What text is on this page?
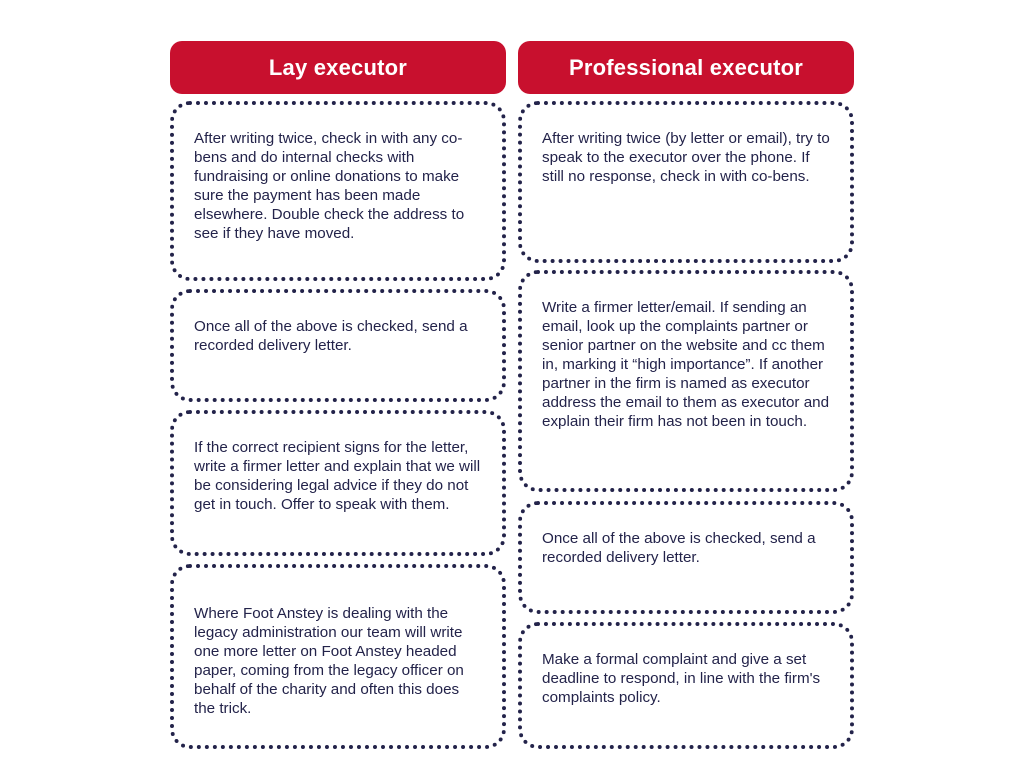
Lay executor

After writing twice, check in with any co-bens and do internal checks with fundraising or online donations to make sure the payment has been made elsewhere. Double check the address to see if they have moved.

Once all of the above is checked, send a recorded delivery letter.

If the correct recipient signs for the letter, write a firmer letter and explain that we will be considering legal advice if they do not get in touch. Offer to speak with them.

Where Foot Anstey is dealing with the legacy administration our team will write one more letter on Foot Anstey headed paper, coming from the legacy officer on behalf of the charity and often this does the trick.

Professional executor

After writing twice (by letter or email), try to speak to the executor over the phone. If still no response, check in with co-bens.

Write a firmer letter/email. If sending an email, look up the complaints partner or senior partner on the website and cc them in, marking it “high importance”. If another partner in the firm is named as executor address the email to them as executor and explain their firm has not been in touch.

Once all of the above is checked, send a recorded delivery letter.

Make a formal complaint and give a set deadline to respond, in line with the firm's complaints policy.
